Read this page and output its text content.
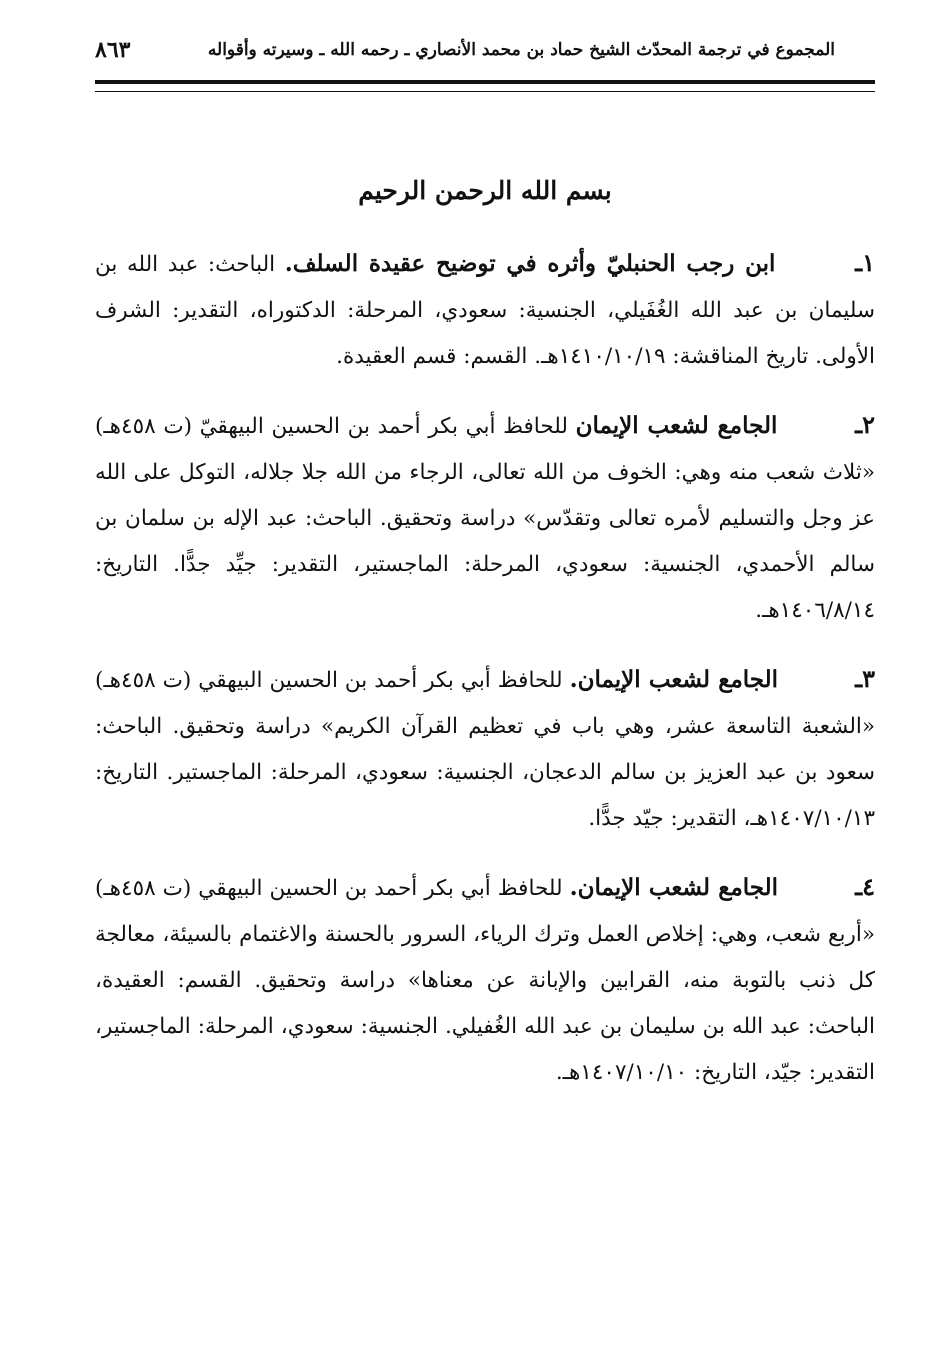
المجموع في ترجمة المحدّث الشيخ حماد بن محمد الأنصاري ـ رحمه الله ـ وسيرته وأقواله
٨٦٣
بسم الله الرحمن الرحيم

١ـ ابن رجب الحنبليّ وأثره في توضيح عقيدة السلف. الباحث: عبد الله بن سليمان بن عبد الله الغُفَيلي، الجنسية: سعودي، المرحلة: الدكتوراه، التقدير: الشرف الأولى. تاريخ المناقشة: ١٤١٠/١٠/١٩هـ. القسم: قسم العقيدة.

٢ـ الجامع لشعب الإيمان للحافظ أبي بكر أحمد بن الحسين البيهقيّ (ت ٤٥٨هـ) «ثلاث شعب منه وهي: الخوف من الله تعالى، الرجاء من الله جلا جلاله، التوكل على الله عز وجل والتسليم لأمره تعالى وتقدّس» دراسة وتحقيق. الباحث: عبد الإله بن سلمان بن سالم الأحمدي، الجنسية: سعودي، المرحلة: الماجستير، التقدير: جيِّد جدًّا. التاريخ: ١٤٠٦/٨/١٤هـ.

٣ـ الجامع لشعب الإيمان. للحافظ أبي بكر أحمد بن الحسين البيهقي (ت ٤٥٨هـ) «الشعبة التاسعة عشر، وهي باب في تعظيم القرآن الكريم» دراسة وتحقيق. الباحث: سعود بن عبد العزيز بن سالم الدعجان، الجنسية: سعودي، المرحلة: الماجستير. التاريخ: ١٤٠٧/١٠/١٣هـ، التقدير: جيّد جدًّا.

٤ـ الجامع لشعب الإيمان. للحافظ أبي بكر أحمد بن الحسين البيهقي (ت ٤٥٨هـ) «أربع شعب، وهي: إخلاص العمل وترك الرياء، السرور بالحسنة والاغتمام بالسيئة، معالجة كل ذنب بالتوبة منه، القرابين والإبانة عن معناها» دراسة وتحقيق. القسم: العقيدة، الباحث: عبد الله بن سليمان بن عبد الله الغُفيلي. الجنسية: سعودي، المرحلة: الماجستير، التقدير: جيّد، التاريخ: ١٤٠٧/١٠/١٠هـ.
